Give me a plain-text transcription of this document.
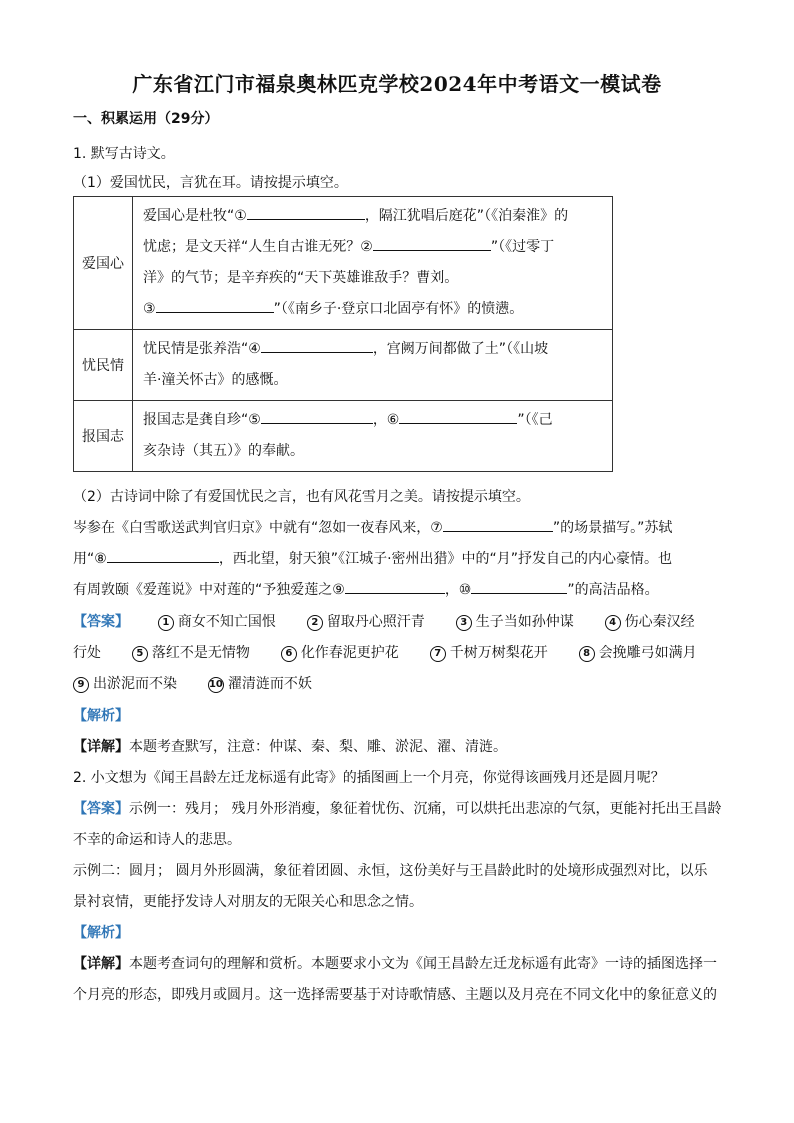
广东省江门市福泉奥林匹克学校2024年中考语文一模试卷
一、积累运用（29分）
1. 默写古诗文。
（1）爱国忧民，言犹在耳。请按提示填空。
爱国心	爱国心是杜牧“① ，隔江犹唱后庭花”（《泊秦淮》的
忧虑；是文天祥“人生自古谁无死？② ”（《过零丁
洋》的气节；是辛弃疾的“天下英雄谁敌手？曹刘。
③ ”（《南乡子·登京口北固亭有怀》的愤懑。

忧民情	忧民情是张养浩“④ ，宫阙万间都做了土”（《山坡
羊·潼关怀古》的感慨。

报国志	报国志是龚自珍“⑤ ，⑥ ”（《己
亥杂诗（其五）》的奉献。
（2）古诗词中除了有爱国忧民之言，也有风花雪月之美。请按提示填空。
岑参在《白雪歌送武判官归京》中就有“忽如一夜春风来，⑦	”的场景描写。”苏轼
用“⑧	，西北望，射天狼”《江城子·密州出猎》中的“月”抒发自己的内心豪情。也
有周敦颐《爱莲说》中对莲的“予独爱莲之⑨	，⑩	”的高洁品格。
【答案】	1 商女不知亡国恨	2 留取丹心照汗青	3 生子当如孙仲谋	4 伤心秦汉经
行处	5 落红不是无情物	6 化作春泥更护花	7 千树万树梨花开	8 会挽雕弓如满月
9 出淤泥而不染	10 濯清涟而不妖
【解析】
【详解】本题考查默写，注意：仲谋、秦、梨、雕、淤泥、濯、清涟。
2. 小文想为《闻王昌龄左迁龙标遥有此寄》的插图画上一个月亮，你觉得该画残月还是圆月呢？
【答案】示例一：残月； 残月外形消瘦，象征着忧伤、沉痛，可以烘托出悲凉的气氛，更能衬托出王昌龄
不幸的命运和诗人的悲思。
示例二：圆月； 圆月外形圆满，象征着团圆、永恒，这份美好与王昌龄此时的处境形成强烈对比，以乐
景衬哀情，更能抒发诗人对朋友的无限关心和思念之情。
【解析】
【详解】本题考查词句的理解和赏析。本题要求小文为《闻王昌龄左迁龙标遥有此寄》一诗的插图选择一
个月亮的形态，即残月或圆月。这一选择需要基于对诗歌情感、主题以及月亮在不同文化中的象征意义的
